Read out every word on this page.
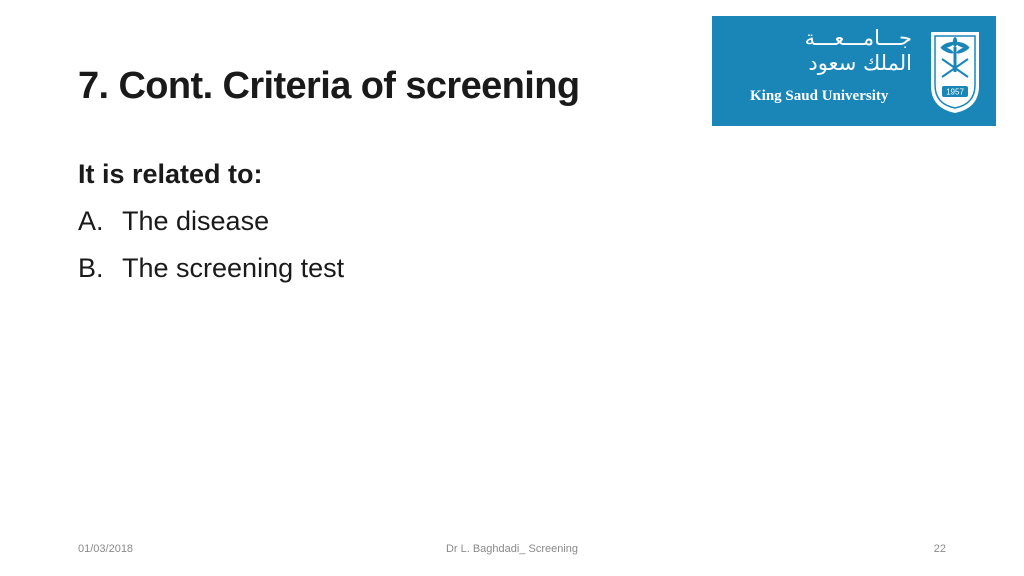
7. Cont. Criteria of screening
جـــامـــعـــة
الملك سعود
King Saud University	1957
It is related to:
A. The disease
B. The screening test
01/03/2018	Dr L. Baghdadi_ Screening	22
